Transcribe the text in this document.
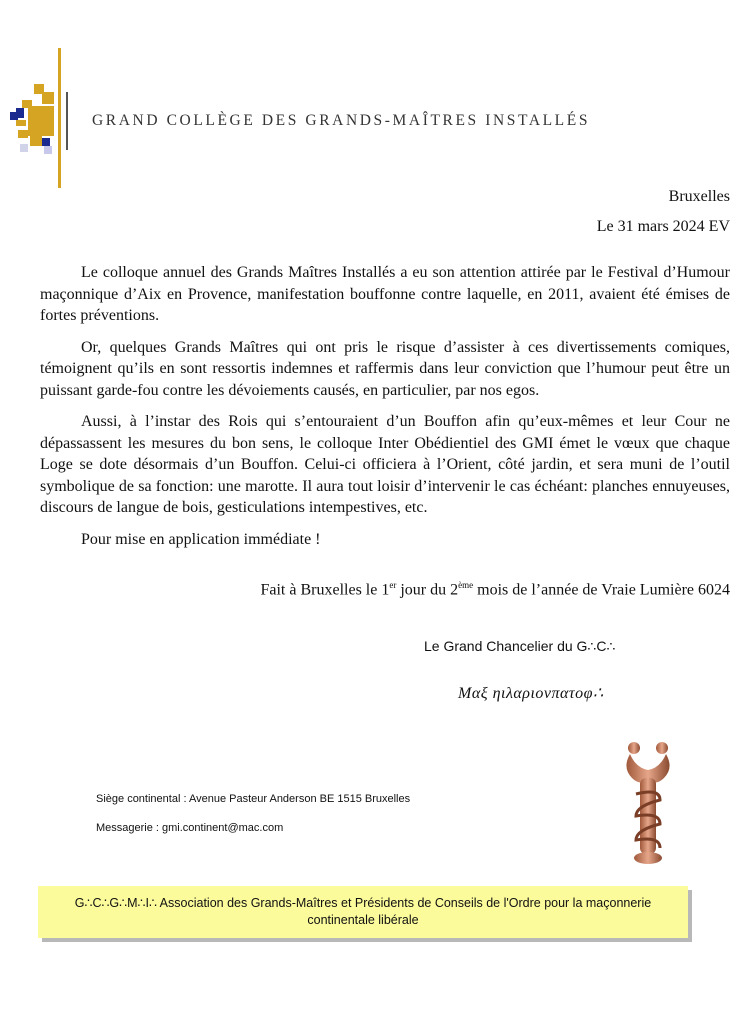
GRAND COLLÈGE DES GRANDS-MAÎTRES INSTALLÉS
Bruxelles
Le 31 mars 2024 EV

Le colloque annuel des Grands Maîtres Installés a eu son attention attirée par le Festival d’Humour maçonnique d’Aix en Provence, manifestation bouffonne contre laquelle, en 2011, avaient été émises de fortes préventions.

Or, quelques Grands Maîtres qui ont pris le risque d’assister à ces divertissements comiques, témoignent qu’ils en sont ressortis indemnes et raffermis dans leur conviction que l’humour peut être un puissant garde-fou contre les dévoiements causés, en particulier, par nos egos.

Aussi, à l’instar des Rois qui s’entouraient d’un Bouffon afin qu’eux-mêmes et leur Cour ne dépassassent les mesures du bon sens, le colloque Inter Obédientiel des GMI émet le vœux que chaque Loge se dote désormais d’un Bouffon. Celui-ci officiera à l’Orient, côté jardin, et sera muni de l’outil symbolique de sa fonction: une marotte. Il aura tout loisir d’intervenir le cas échéant: planches ennuyeuses, discours de langue de bois, gesticulations intempestives, etc.

Pour mise en application immédiate !

Fait à Bruxelles le 1er jour du 2ème mois de l’année de Vraie Lumière 6024
Le Grand Chancelier du G∴C∴
Μαξ ηιλαριονπατοφ∴
Siège continental : Avenue Pasteur Anderson BE 1515 Bruxelles
Messagerie : gmi.continent@mac.com
G∴C∴G∴M∴I∴ Association des Grands-Maîtres et Présidents de Conseils de l'Ordre pour la maçonnerie continentale libérale
